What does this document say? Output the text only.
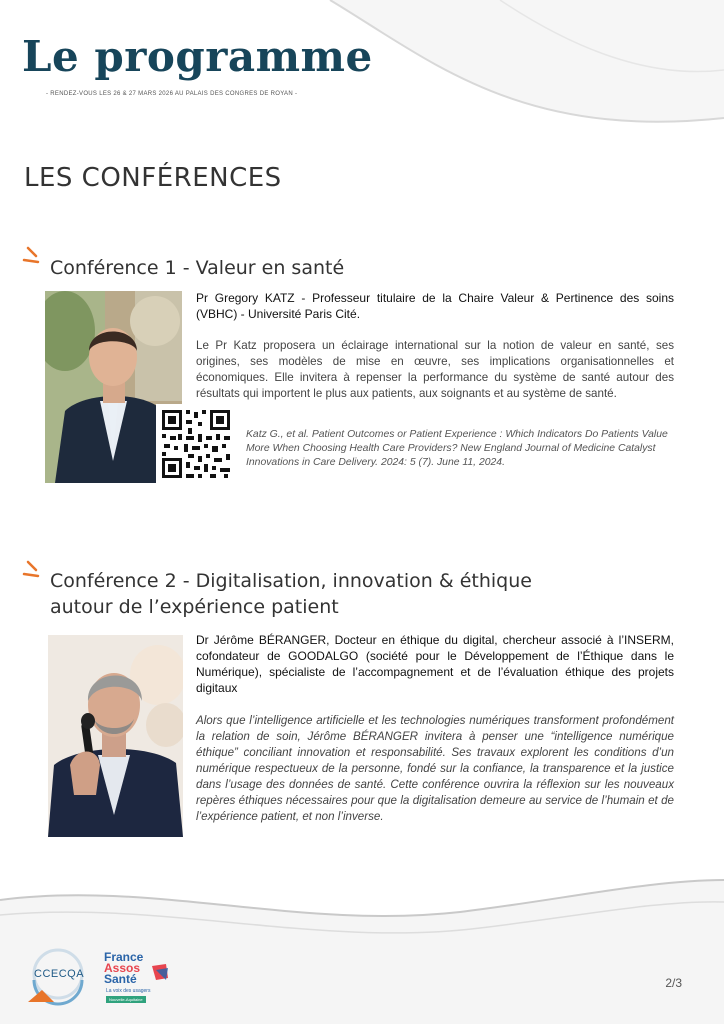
Le programme
- RENDEZ-VOUS LES 26 & 27 MARS 2026 AU PALAIS DES CONGRES DE ROYAN -
LES CONFÉRENCES
Conférence 1 - Valeur en santé
Pr Gregory KATZ - Professeur titulaire de la Chaire Valeur & Pertinence des soins (VBHC) - Université Paris Cité.
Le Pr Katz proposera un éclairage international sur la notion de valeur en santé, ses origines, ses modèles de mise en œuvre, ses implications organisationnelles et économiques. Elle invitera à repenser la performance du système de santé autour des résultats qui importent le plus aux patients, aux soignants et au système de santé.
Katz G., et al. Patient Outcomes or Patient Experience : Which Indicators Do Patients Value More When Choosing Health Care Providers? New England Journal of Medicine Catalyst Innovations in Care Delivery. 2024: 5 (7). June 11, 2024.
Conférence 2 - Digitalisation, innovation & éthique
autour de l’expérience patient
Dr Jérôme BÉRANGER, Docteur en éthique du digital, chercheur associé à l’INSERM, cofondateur de GOODALGO (société pour le Développement de l’Éthique dans le Numérique), spécialiste de l’accompagnement et de l’évaluation éthique des projets digitaux
Alors que l’intelligence artificielle et les technologies numériques transforment profondément la relation de soin, Jérôme BÉRANGER invitera à penser une “intelligence numérique éthique” conciliant innovation et responsabilité. Ses travaux explorent les conditions d’un numérique respectueux de la personne, fondé sur la confiance, la transparence et la justice dans l’usage des données de santé. Cette conférence ouvrira la réflexion sur les nouveaux repères éthiques nécessaires pour que la digitalisation demeure au service de l’humain et de l’expérience patient, et non l’inverse.
CCECQA
France
Assos
Santé
La voix des usagers
Nouvelle-Aquitaine
2/3
